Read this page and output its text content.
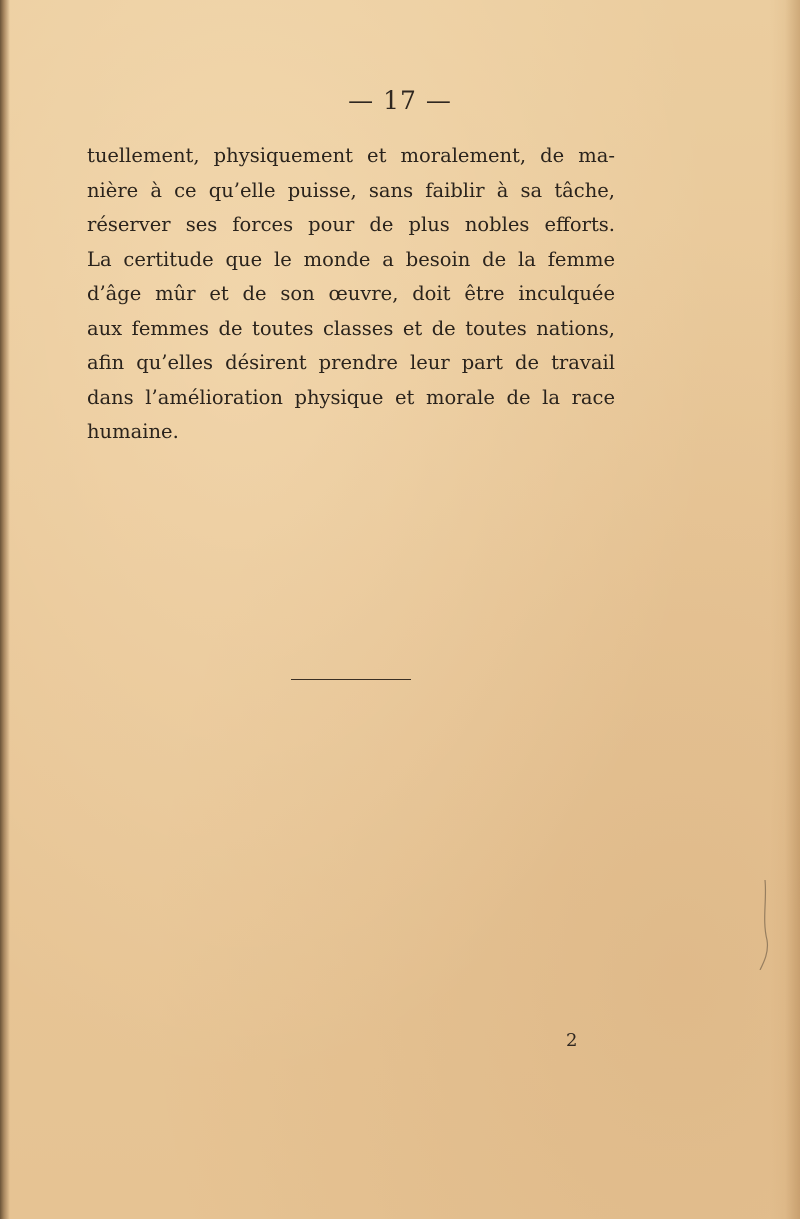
— 17 —
tuellement, physiquement et moralement, de ma-
nière à ce qu’elle puisse, sans faiblir à sa tâche,
réserver ses forces pour de plus nobles efforts.
La certitude que le monde a besoin de la femme
d’âge mûr et de son œuvre, doit être inculquée
aux femmes de toutes classes et de toutes nations,
afin qu’elles désirent prendre leur part de travail
dans l’amélioration physique et morale de la race
humaine.
2
